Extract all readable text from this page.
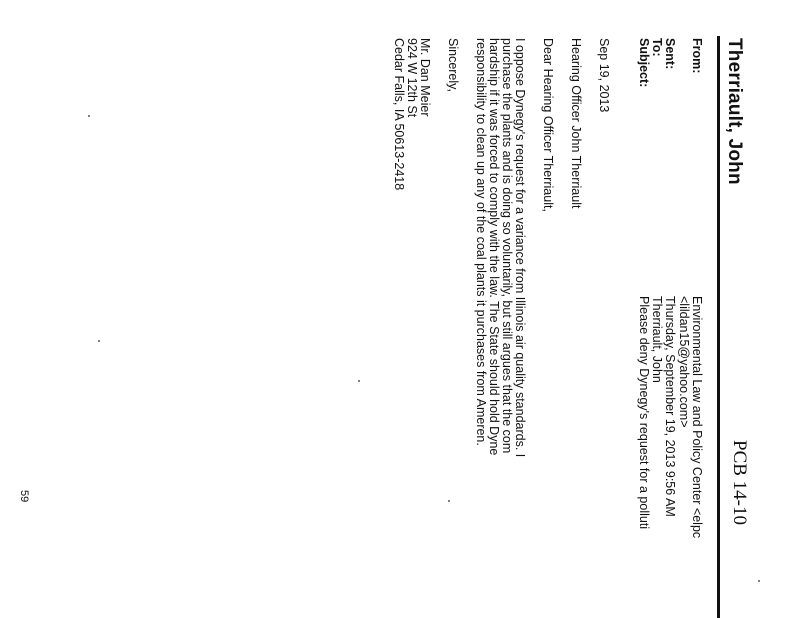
Therriault, John
PCB 14-10
From:
Sent:
To:
Subject:
Environmental Law and Policy Center <elpc
<lildan15@yahoo.com>
Thursday, September 19, 2013 9:56 AM
Therriault, John
Please deny Dynegy's request for a polluti
Sep 19, 2013
Hearing Officer John Therriault
Dear Hearing Officer Therriault,
I oppose Dynegy's request for a variance from Illinois air quality standards. I
purchase the plants and is doing so voluntarily, but still argues that the com
hardship if it was forced to comply with the law. The State should hold Dyne
responsibility to clean up any of the coal plants it purchases from Ameren.
Sincerely,
Mr. Dan Meier
924 W 12th St
Cedar Falls, IA 50613-2418
59
